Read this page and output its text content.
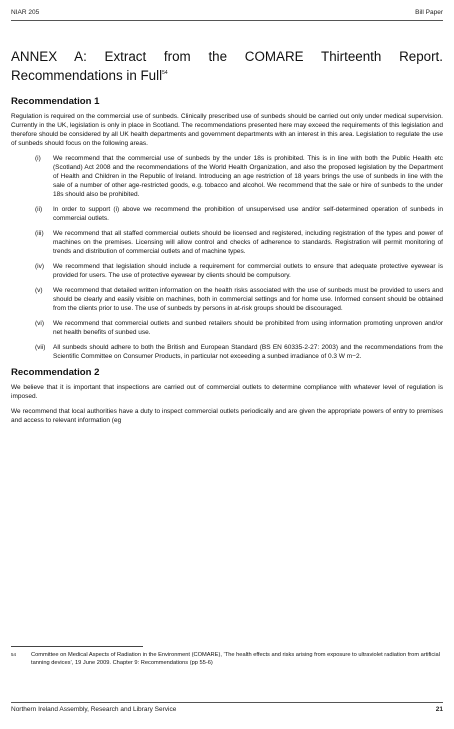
NIAR 205	Bill Paper
ANNEX A: Extract from the COMARE Thirteenth Report. Recommendations in Full$^{54}$
Recommendation 1

Regulation is required on the commercial use of sunbeds. Clinically prescribed use of sunbeds should be carried out only under medical supervision. Currently in the UK, legislation is only in place in Scotland. The recommendations presented here may exceed the requirements of this legislation and therefore should be considered by all UK health departments and government departments with an interest in this area. Legislation to regulate the use of sunbeds should focus on the following areas.

(i)	We recommend that the commercial use of sunbeds by the under 18s is prohibited. This is in line with both the Public Health etc (Scotland) Act 2008 and the recommendations of the World Health Organization, and also the proposed legislation by the Department of Health and Children in the Republic of Ireland. Introducing an age restriction of 18 years brings the use of sunbeds in line with the sale of a number of other age-restricted goods, e.g. tobacco and alcohol. We recommend that the sale or hire of sunbeds to the under 18s should also be prohibited.
(ii)	In order to support (i) above we recommend the prohibition of unsupervised use and/or self-determined operation of sunbeds in commercial outlets.
(iii)	We recommend that all staffed commercial outlets should be licensed and registered, including registration of the types and power of machines on the premises. Licensing will allow control and checks of adherence to standards. Registration will permit monitoring of trends and distribution of commercial outlets and of machine types.
(iv)	We recommend that legislation should include a requirement for commercial outlets to ensure that adequate protective eyewear is provided for users. The use of protective eyewear by clients should be compulsory.
(v)	We recommend that detailed written information on the health risks associated with the use of sunbeds must be provided to users and should be clearly and easily visible on machines, both in commercial settings and for home use. Informed consent should be obtained from the clients prior to use. The use of sunbeds by persons in at-risk groups should be discouraged.
(vi)	We recommend that commercial outlets and sunbed retailers should be prohibited from using information promoting unproven and/or net health benefits of sunbed use.
(vii)	All sunbeds should adhere to both the British and European Standard (BS EN 60335-2-27: 2003) and the recommendations from the Scientific Committee on Consumer Products, in particular not exceeding a sunbed irradiance of 0.3 W m−2.
Recommendation 2

We believe that it is important that inspections are carried out of commercial outlets to determine compliance with whatever level of regulation is imposed.

We recommend that local authorities have a duty to inspect commercial outlets periodically and are given the appropriate powers of entry to premises and access to relevant information (eg

54	Committee on Medical Aspects of Radiation in the Environment (COMARE), ‘The health effects and risks arising from exposure to ultraviolet radiation from artificial tanning devices’, 19 June 2009. Chapter 9: Recommendations (pp 55-6)
Northern Ireland Assembly, Research and Library Service	21
